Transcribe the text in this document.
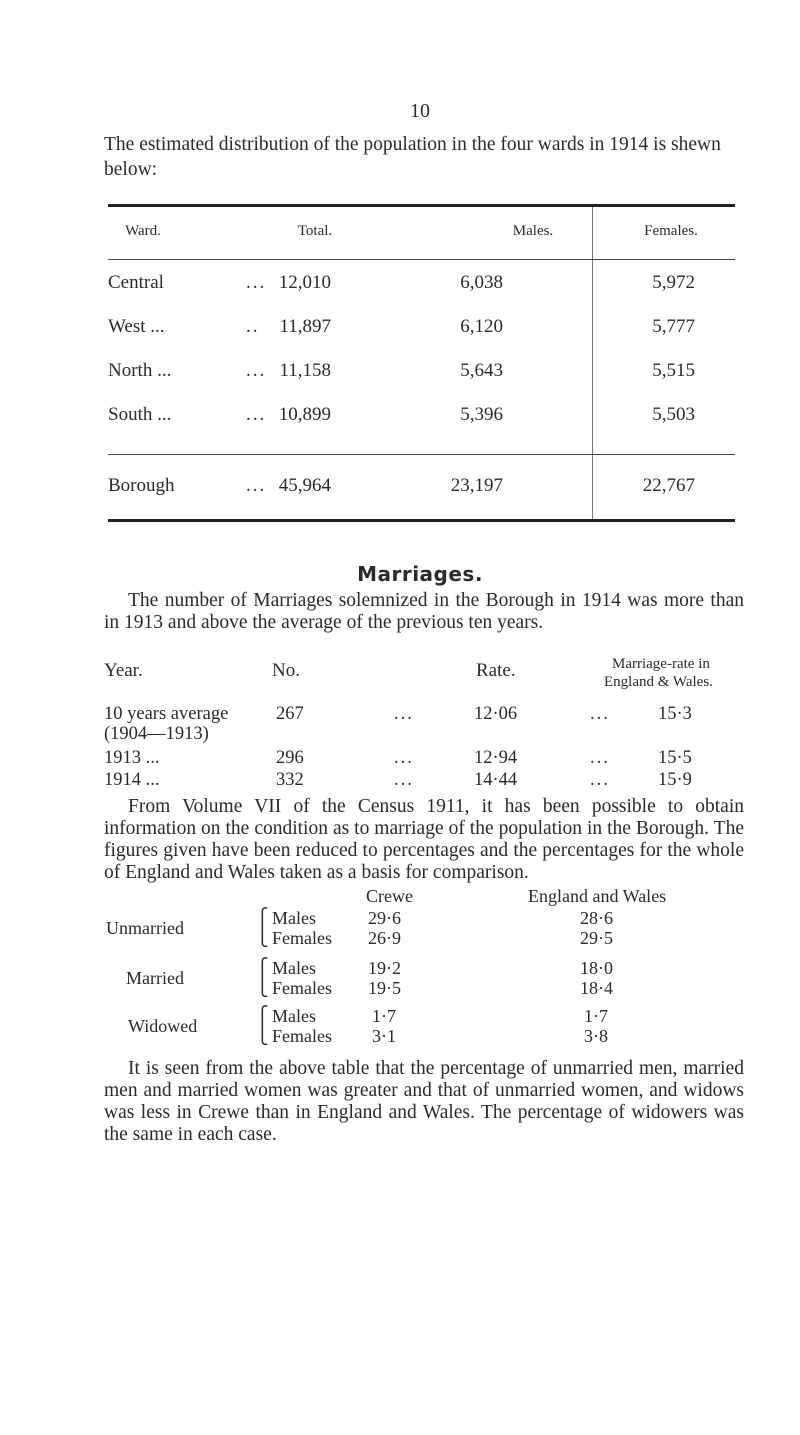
10
The estimated distribution of the population in the four wards in 1914 is shewn below:
Ward.	Total.	Males.	Females.
Central	... 12,010	6,038	5,972
West ...	.. 11,897	6,120	5,777
North ...	... 11,158	5,643	5,515
South ...	... 10,899	5,396	5,503
Borough	... 45,964	23,197	22,767
Marriages.
The number of Marriages solemnized in the Borough in 1914 was more than in 1913 and above the average of the previous ten years.
Year.	No.	Rate.	Marriage-rate in
England & Wales.
10 years average	267	...	12·06	...	15·3
(1904—1913)
1913 ...	296	...	12·94	...	15·5
1914 ...	332	...	14·44	...	15·9
From Volume VII of the Census 1911, it has been possible to obtain information on the condition as to marriage of the population in the Borough. The figures given have been reduced to percentages and the percentages for the whole of England and Wales taken as a basis for comparison.
Crewe	England and Wales
Unmarried
⎧
⎩
Males	29·6	28·6
Females 26·9	29·5
Married
⎧
⎩
Males	19·2	18·0
Females 19·5	18·4
Widowed
⎧
⎩
Males	1·7	1·7
Females 3·1	3·8
It is seen from the above table that the percentage of unmarried men, married men and married women was greater and that of unmarried women, and widows was less in Crewe than in England and Wales. The percentage of widowers was the same in each case.
